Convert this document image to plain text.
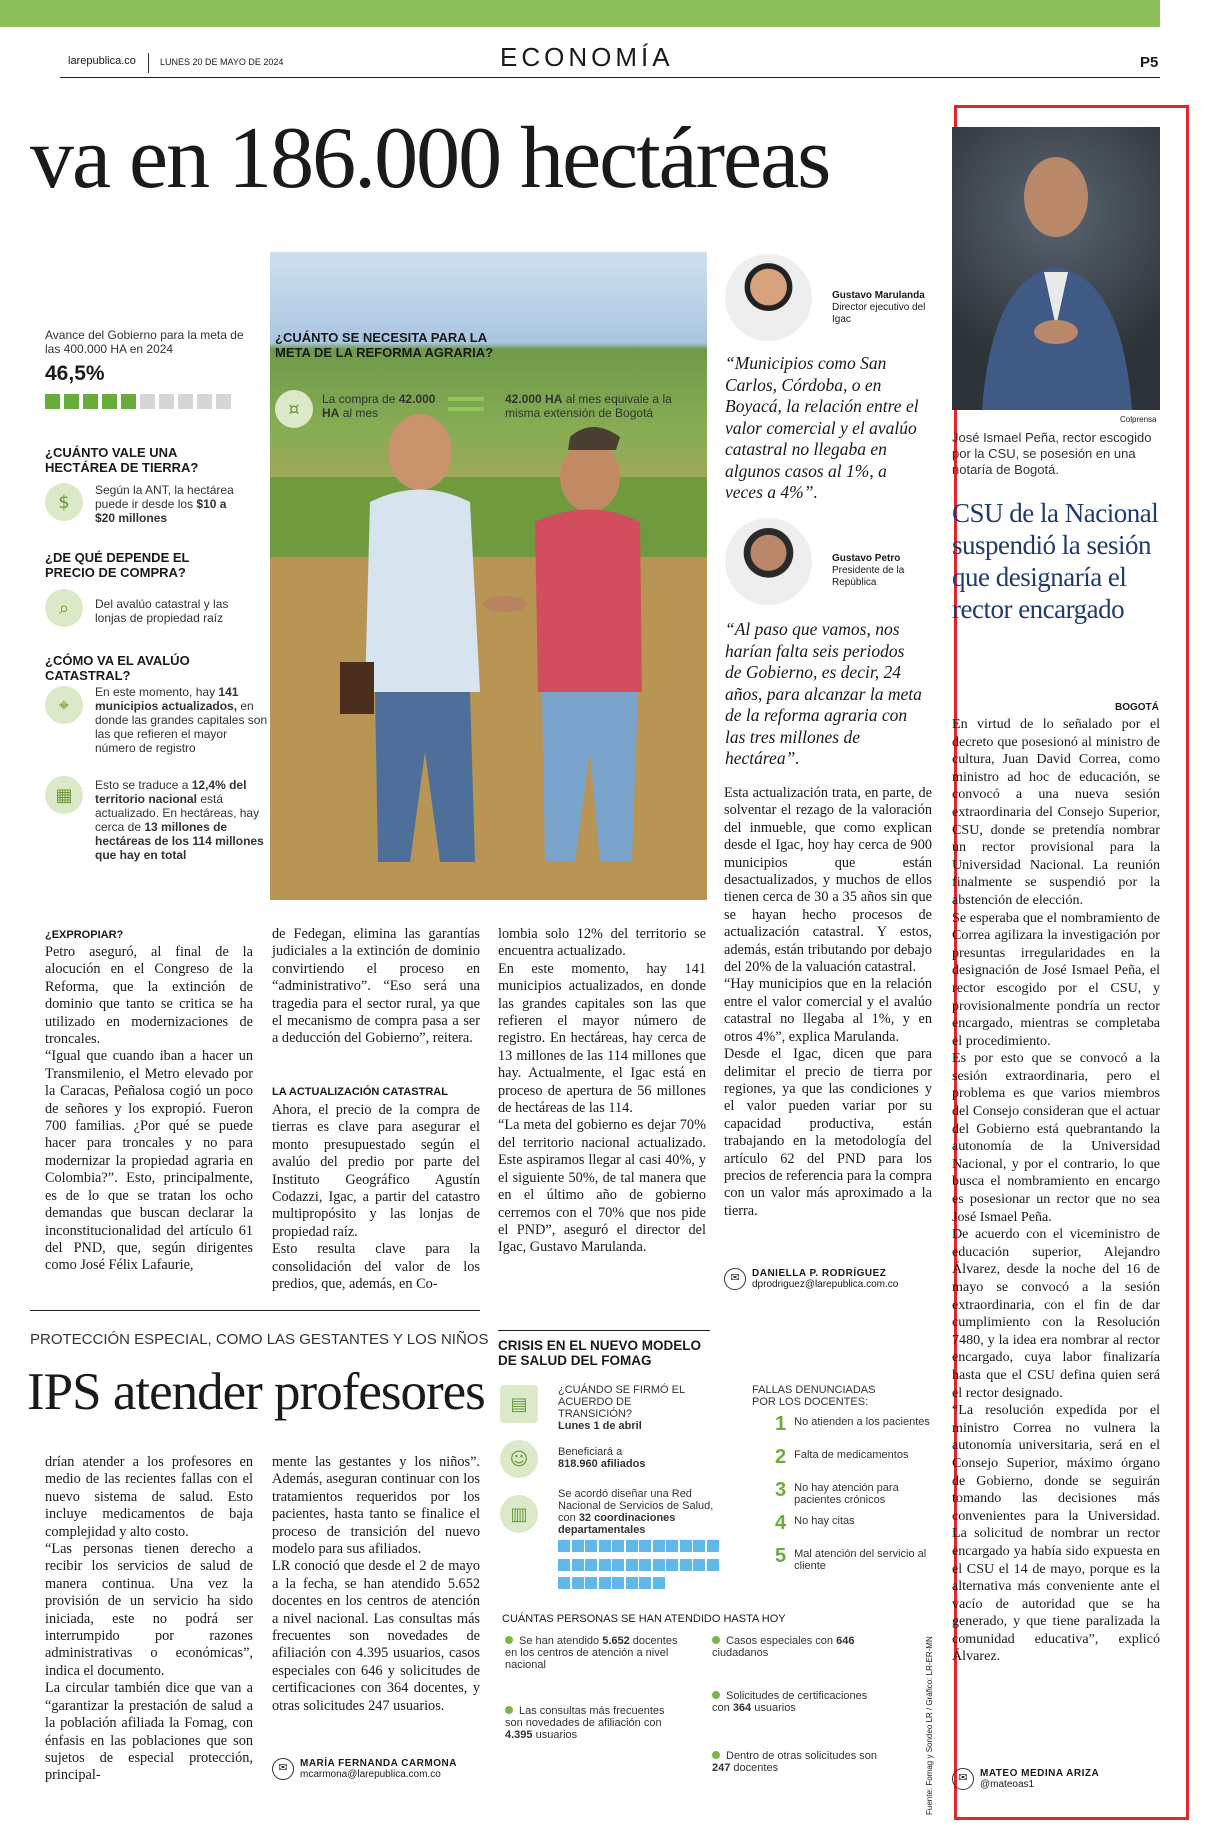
larepublica.co	LUNES 20 DE MAYO DE 2024	ECONOMÍA	P5
va en 186.000 hectáreas
Avance del Gobierno para la meta de las 400.000 HA en 2024
46,5%
¿CUÁNTO VALE UNA HECTÁREA DE TIERRA?
$
Según la ANT, la hectárea puede ir desde los $10 a $20 millones
¿DE QUÉ DEPENDE EL PRECIO DE COMPRA?
⌕	Del avalúo catastral y las lonjas de propiedad raíz
¿CÓMO VA EL AVALÚO CATASTRAL?
⌖
En este momento, hay 141 municipios actualizados, en donde las grandes capitales son las que refieren el mayor número de registro
▦	Esto se traduce a 12,4% del territorio nacional está actualizado. En hectáreas, hay cerca de 13 millones de hectáreas de los 114 millones que hay en total
¿CUÁNTO SE NECESITA PARA LA META DE LA REFORMA AGRARIA?
¤	La compra de 42.000 HA al mes
42.000 HA al mes equivale a la misma extensión de Bogotá
Gustavo Marulanda
Director ejecutivo del Igac
“Municipios como San Carlos, Córdoba, o en Boyacá, la relación entre el valor comercial y el avalúo catastral no llegaba en algunos casos al 1%, a veces a 4%”.
Gustavo Petro
Presidente de la República
“Al paso que vamos, nos harían falta seis periodos de Gobierno, es decir, 24 años, para alcanzar la meta de la reforma agraria con las tres millones de hectárea”.
¿EXPROPIAR?
Petro aseguró, al final de la alocución en el Congreso de la Reforma, que la extinción de dominio que tanto se critica se ha utilizado en modernizaciones de troncales.
“Igual que cuando iban a hacer un Transmilenio, el Metro elevado por la Caracas, Peñalosa cogió un poco de señores y los expropió. Fueron 700 familias. ¿Por qué se puede hacer para troncales y no para modernizar la propiedad agraria en Colombia?”. Esto, principalmente, es de lo que se tratan los ocho demandas que buscan declarar la inconstitucionalidad del artículo 61 del PND, que, según dirigentes como José Félix Lafaurie,
de Fedegan, elimina las garantías judiciales a la extinción de dominio convirtiendo el proceso en “administrativo”. “Eso será una tragedia para el sector rural, ya que el mecanismo de compra pasa a ser a deducción del Gobierno”, reitera.
LA ACTUALIZACIÓN CATASTRAL
Ahora, el precio de la compra de tierras es clave para asegurar el monto presupuestado según el avalúo del predio por parte del Instituto Geográfico Agustín Codazzi, Igac, a partir del catastro multipropósito y las lonjas de propiedad raíz.
Esto resulta clave para la consolidación del valor de los predios, que, además, en Co-
lombia solo 12% del territorio se encuentra actualizado.
En este momento, hay 141 municipios actualizados, en donde las grandes capitales son las que refieren el mayor número de registro. En hectáreas, hay cerca de 13 millones de las 114 millones que hay. Actualmente, el Igac está en proceso de apertura de 56 millones de hectáreas de las 114.
“La meta del gobierno es dejar 70% del territorio nacional actualizado. Este aspiramos llegar al casi 40%, y el siguiente 50%, de tal manera que en el último año de gobierno cerremos con el 70% que nos pide el PND”, aseguró el director del Igac, Gustavo Marulanda.
Esta actualización trata, en parte, de solventar el rezago de la valoración del inmueble, que como explican desde el Igac, hoy hay cerca de 900 municipios que están desactualizados, y muchos de ellos tienen cerca de 30 a 35 años sin que se hayan hecho procesos de actualización catastral. Y estos, además, están tributando por debajo del 20% de la valuación catastral.
“Hay municipios que en la relación entre el valor comercial y el avalúo catastral no llegaba al 1%, y en otros 4%”, explica Marulanda.
Desde el Igac, dicen que para delimitar el precio de tierra por regiones, ya que las condiciones y el valor pueden variar por su capacidad productiva, están trabajando en la metodología del artículo 62 del PND para los precios de referencia para la compra con un valor más aproximado a la tierra.
✉ DANIELLA P. RODRÍGUEZ
dprodriguez@larepublica.com.co
PROTECCIÓN ESPECIAL, COMO LAS GESTANTES Y LOS NIÑOS
IPS atender profesores
drían atender a los profesores en medio de las recientes fallas con el nuevo sistema de salud. Esto incluye medicamentos de baja complejidad y alto costo.
“Las personas tienen derecho a recibir los servicios de salud de manera continua. Una vez la provisión de un servicio ha sido iniciada, este no podrá ser interrumpido por razones administrativas o económicas”, indica el documento.
La circular también dice que van a “garantizar la prestación de salud a la población afiliada la Fomag, con énfasis en las poblaciones que son sujetos de especial protección, principal-
mente las gestantes y los niños”. Además, aseguran continuar con los tratamientos requeridos por los pacientes, hasta tanto se finalice el proceso de transición del nuevo modelo para sus afiliados.
LR conoció que desde el 2 de mayo a la fecha, se han atendido 5.652 docentes en los centros de atención a nivel nacional. Las consultas más frecuentes son novedades de afiliación con 4.395 usuarios, casos especiales con 646 y solicitudes de certificaciones con 364 docentes, y otras solicitudes 247 usuarios.
✉ MARÍA FERNANDA CARMONA
mcarmona@larepublica.com.co
CRISIS EN EL NUEVO MODELO DE SALUD DEL FOMAG
▤
¿CUÁNDO SE FIRMÓ EL ACUERDO DE TRANSICIÓN?
Lunes 1 de abril
☺	Beneficiará a
818.960 afiliados
▥
Se acordó diseñar una Red Nacional de Servicios de Salud, con 32 coordinaciones departamentales
FALLAS DENUNCIADAS POR LOS DOCENTES:
1 No atienden a los pacientes
2 Falta de medicamentos
3 No hay atención para pacientes crónicos
4 No hay citas
5 Mal atención del servicio al cliente
CUÁNTAS PERSONAS SE HAN ATENDIDO HASTA HOY
Se han atendido 5.652 docentes en los centros de atención a nivel nacional
Casos especiales con 646 ciudadanos
Las consultas más frecuentes son novedades de afiliación con 4.395 usuarios
Solicitudes de certificaciones con 364 usuarios
Dentro de otras solicitudes son 247 docentes	Fuente: Fomag y Sondeo LR / Gráfico: LR-ER-MN
Colprensa
José Ismael Peña, rector escogido por la CSU, se posesión en una notaría de Bogotá.
CSU de la Nacional suspendió la sesión que designaría el rector encargado
BOGOTÁ
En virtud de lo señalado por el decreto que posesionó al ministro de cultura, Juan David Correa, como ministro ad hoc de educación, se convocó a una nueva sesión extraordinaria del Consejo Superior, CSU, donde se pretendía nombrar un rector provisional para la Universidad Nacional. La reunión finalmente se suspendió por la abstención de elección.
Se esperaba que el nombramiento de Correa agilizara la investigación por presuntas irregularidades en la designación de José Ismael Peña, el rector escogido por el CSU, y provisionalmente pondría un rector encargado, mientras se completaba el procedimiento.
Es por esto que se convocó a la sesión extraordinaria, pero el problema es que varios miembros del Consejo consideran que el actuar del Gobierno está quebrantando la autonomía de la Universidad Nacional, y por el contrario, lo que busca el nombramiento en encargo es posesionar un rector que no sea José Ismael Peña.
De acuerdo con el viceministro de educación superior, Alejandro Álvarez, desde la noche del 16 de mayo se convocó a la sesión extraordinaria, con el fin de dar cumplimiento con la Resolución 7480, y la idea era nombrar al rector encargado, cuya labor finalizaría hasta que el CSU defina quien será el rector designado.
“La resolución expedida por el ministro Correa no vulnera la autonomía universitaria, será en el Consejo Superior, máximo órgano de Gobierno, donde se seguirán tomando las decisiones más convenientes para la Universidad. La solicitud de nombrar un rector encargado ya había sido expuesta en el CSU el 14 de mayo, porque es la alternativa más conveniente ante el vacío de autoridad que se ha generado, y que tiene paralizada la comunidad educativa”, explicó Álvarez.
✉ MATEO MEDINA ARIZA
@mateoas1
